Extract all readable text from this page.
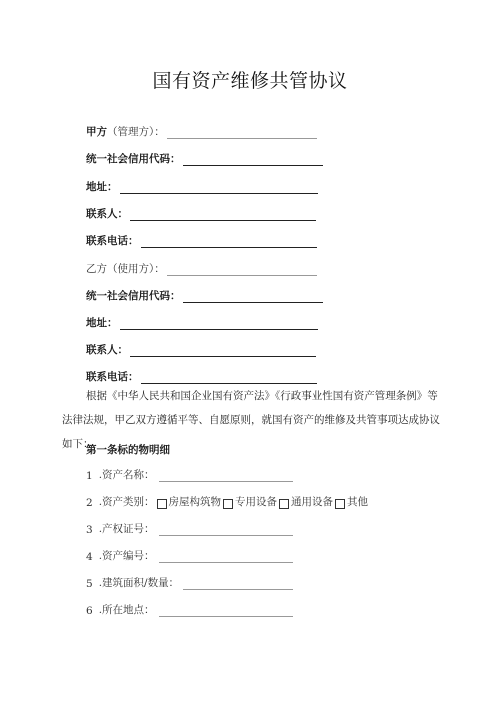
国有资产维修共管协议
甲方（管理方）：
统一社会信用代码：
地址：
联系人：
联系电话：
乙方（使用方）：
统一社会信用代码：
地址：
联系人：
联系电话：
根据《中华人民共和国企业国有资产法》《行政事业性国有资产管理条例》等法律法规，甲乙双方遵循平等、自愿原则，就国有资产的维修及共管事项达成协议如下：
第一条标的物明细
1 .资产名称：
2 .资产类别： 房屋构筑物 专用设备 通用设备 其他
3 .产权证号：
4 .资产编号：
5 .建筑面积/数量：
6 .所在地点：
